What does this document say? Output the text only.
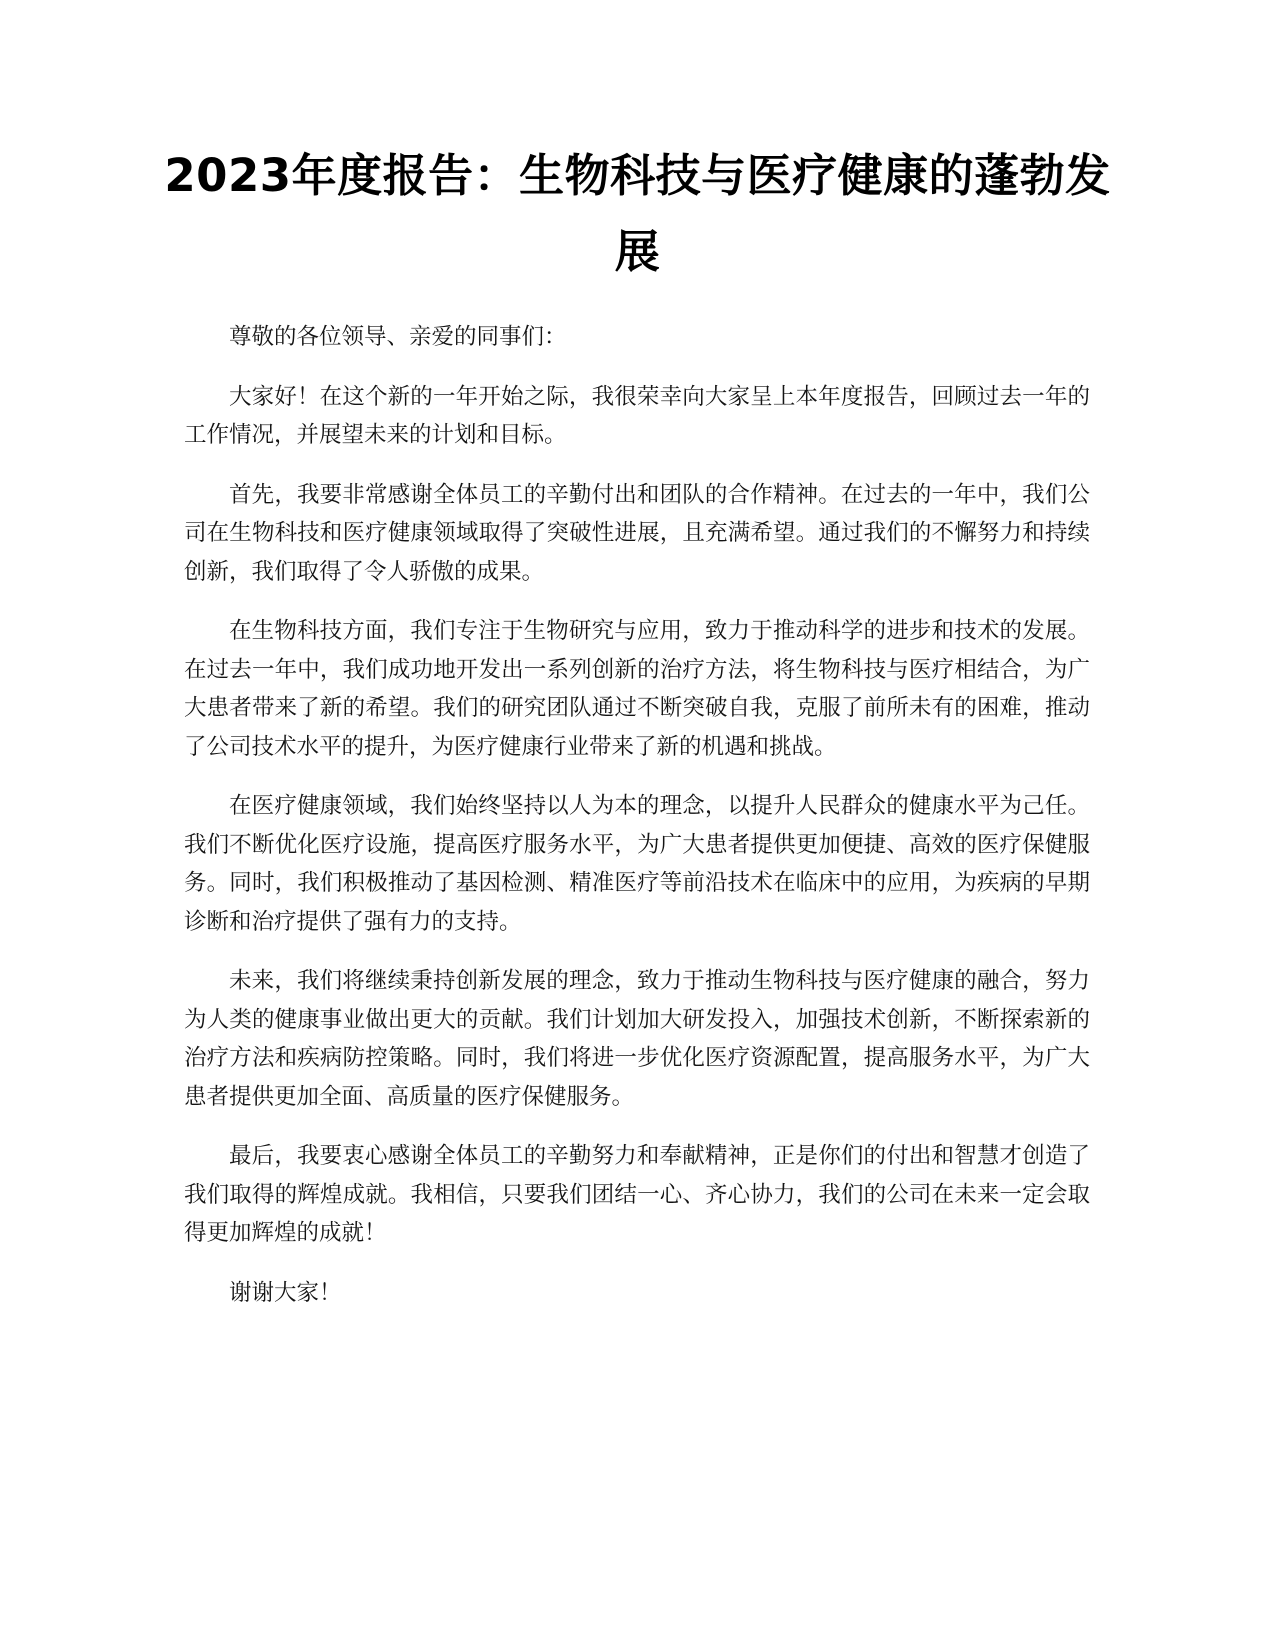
2023年度报告：生物科技与医疗健康的蓬勃发展

尊敬的各位领导、亲爱的同事们：

大家好！在这个新的一年开始之际，我很荣幸向大家呈上本年度报告，回顾过去一年的工作情况，并展望未来的计划和目标。

首先，我要非常感谢全体员工的辛勤付出和团队的合作精神。在过去的一年中，我们公司在生物科技和医疗健康领域取得了突破性进展，且充满希望。通过我们的不懈努力和持续创新，我们取得了令人骄傲的成果。

在生物科技方面，我们专注于生物研究与应用，致力于推动科学的进步和技术的发展。在过去一年中，我们成功地开发出一系列创新的治疗方法，将生物科技与医疗相结合，为广大患者带来了新的希望。我们的研究团队通过不断突破自我，克服了前所未有的困难，推动了公司技术水平的提升，为医疗健康行业带来了新的机遇和挑战。

在医疗健康领域，我们始终坚持以人为本的理念，以提升人民群众的健康水平为己任。我们不断优化医疗设施，提高医疗服务水平，为广大患者提供更加便捷、高效的医疗保健服务。同时，我们积极推动了基因检测、精准医疗等前沿技术在临床中的应用，为疾病的早期诊断和治疗提供了强有力的支持。

未来，我们将继续秉持创新发展的理念，致力于推动生物科技与医疗健康的融合，努力为人类的健康事业做出更大的贡献。我们计划加大研发投入，加强技术创新，不断探索新的治疗方法和疾病防控策略。同时，我们将进一步优化医疗资源配置，提高服务水平，为广大患者提供更加全面、高质量的医疗保健服务。

最后，我要衷心感谢全体员工的辛勤努力和奉献精神，正是你们的付出和智慧才创造了我们取得的辉煌成就。我相信，只要我们团结一心、齐心协力，我们的公司在未来一定会取得更加辉煌的成就！

谢谢大家！
